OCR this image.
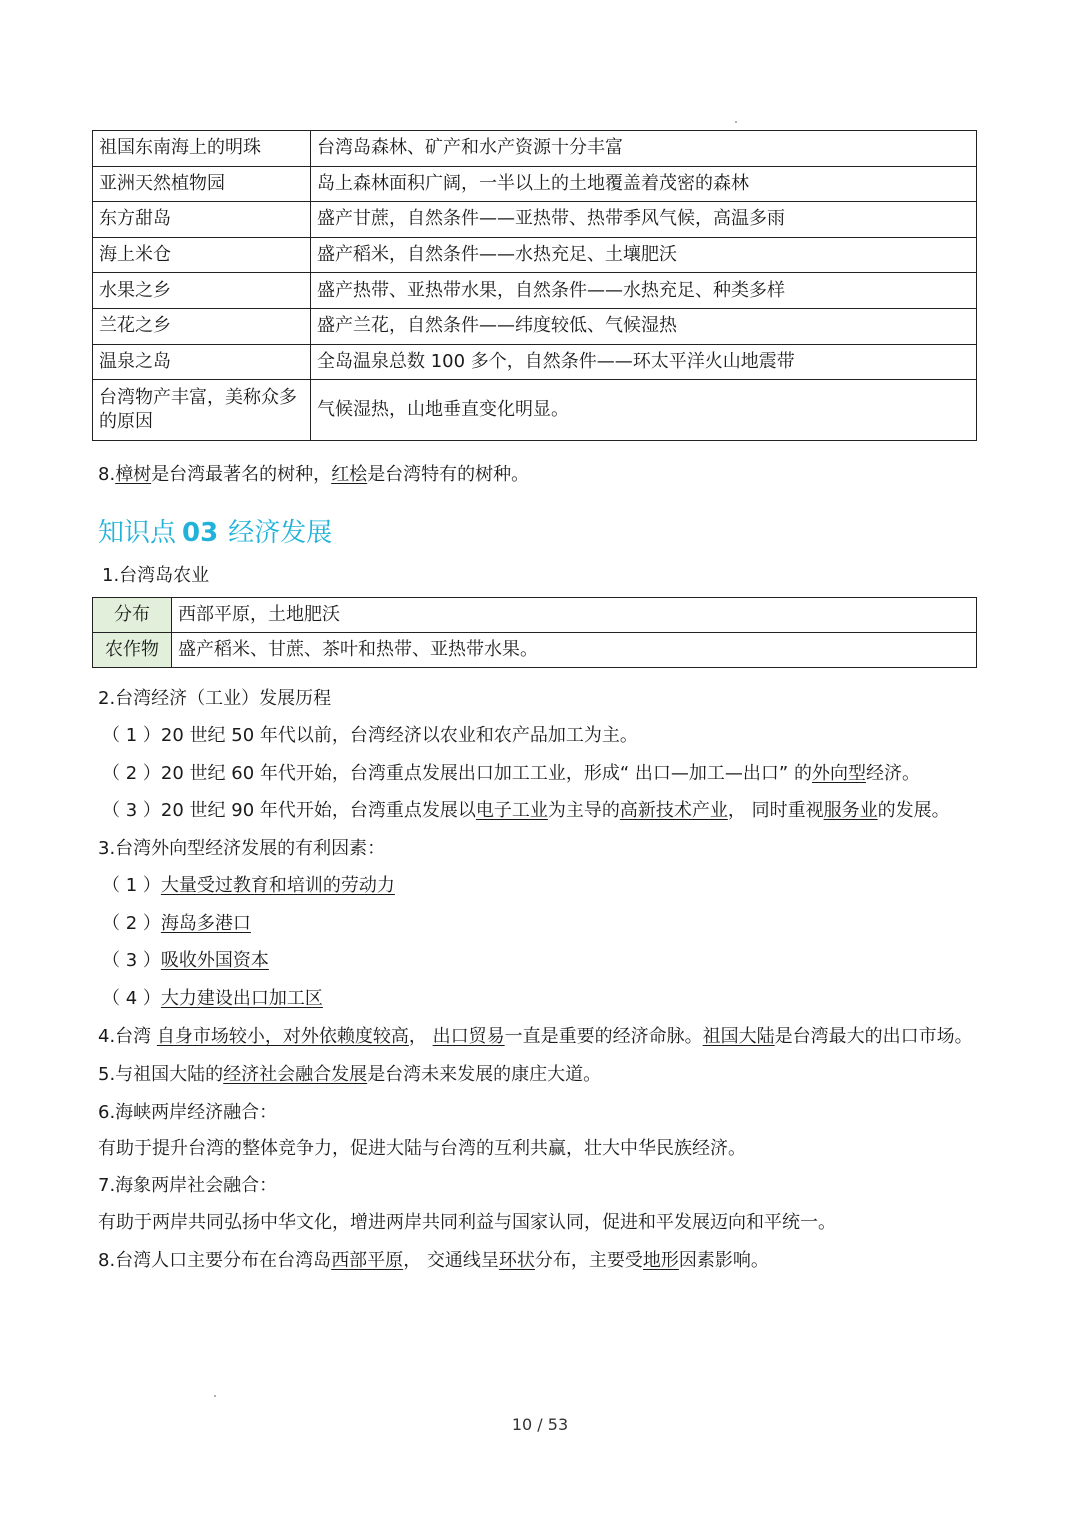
祖国东南海上的明珠	台湾岛森林、矿产和水产资源十分丰富
亚洲天然植物园	岛上森林面积广阔，一半以上的土地覆盖着茂密的森林
东方甜岛	盛产甘蔗，自然条件——亚热带、热带季风气候，高温多雨
海上米仓	盛产稻米，自然条件——水热充足、土壤肥沃
水果之乡	盛产热带、亚热带水果，自然条件——水热充足、种类多样
兰花之乡	盛产兰花，自然条件——纬度较低、气候湿热
温泉之岛	全岛温泉总数 100 多个，自然条件——环太平洋火山地震带
台湾物产丰富，美称众多的原因	气候湿热，山地垂直变化明显。
8.樟树是台湾最著名的树种，红桧是台湾特有的树种。
知识点 03 经济发展
1.台湾岛农业
分布	西部平原，土地肥沃
农作物	盛产稻米、甘蔗、茶叶和热带、亚热带水果。
2.台湾经济（工业）发展历程
（ 1 ）20 世纪 50 年代以前，台湾经济以农业和农产品加工为主。
（ 2 ）20 世纪 60 年代开始，台湾重点发展出口加工工业，形成“ 出口—加工—出口” 的外向型经济。
（ 3 ）20 世纪 90 年代开始，台湾重点发展以电子工业为主导的高新技术产业， 同时重视服务业的发展。
3.台湾外向型经济发展的有利因素：
（ 1 ）大量受过教育和培训的劳动力
（ 2 ）海岛多港口
（ 3 ）吸收外国资本
（ 4 ）大力建设出口加工区
4.台湾 自身市场较小，对外依赖度较高， 出口贸易一直是重要的经济命脉。祖国大陆是台湾最大的出口市场。
5.与祖国大陆的经济社会融合发展是台湾未来发展的康庄大道。
6.海峡两岸经济融合：
有助于提升台湾的整体竞争力，促进大陆与台湾的互利共赢，壮大中华民族经济。
7.海象两岸社会融合：
有助于两岸共同弘扬中华文化，增进两岸共同利益与国家认同，促进和平发展迈向和平统一。
8.台湾人口主要分布在台湾岛西部平原， 交通线呈环状分布，主要受地形因素影响。
10 / 53
